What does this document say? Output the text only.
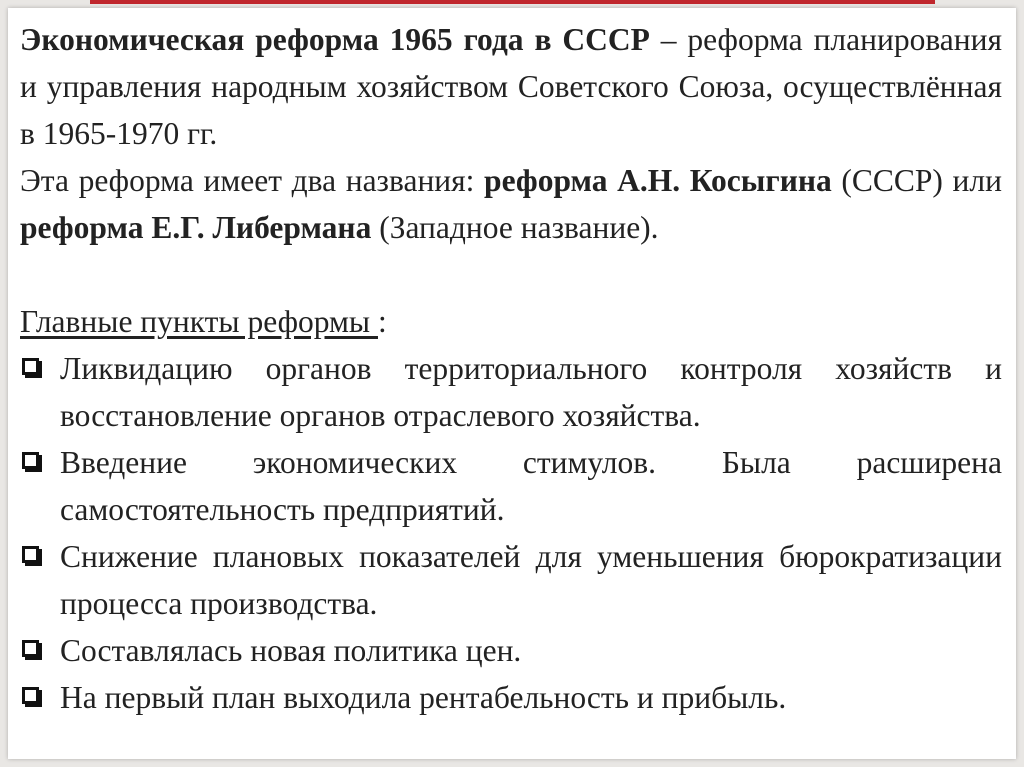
Экономическая реформа 1965 года в СССР – реформа планирования и управления народным хозяйством Советского Союза, осуществлённая в 1965-1970 гг.

Эта реформа имеет два названия: реформа А.Н. Косыгина (СССР) или реформа Е.Г. Либермана (Западное название).

Главные пункты реформы :

Ликвидацию органов территориального контроля хозяйств и восстановление органов отраслевого хозяйства.
Введение экономических стимулов. Была расширена самостоятельность предприятий.
Снижение плановых показателей для уменьшения бюрократизации процесса производства.
Составлялась новая политика цен.
На первый план выходила рентабельность и прибыль.
